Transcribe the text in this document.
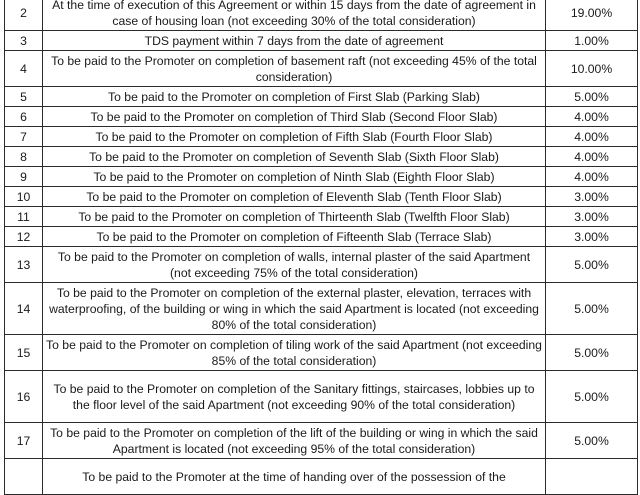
2	At the time of execution of this Agreement or within 15 days from the date of agreement in case of housing loan (not exceeding 30% of the total consideration)	19.00%
3	TDS payment within 7 days from the date of agreement	1.00%
4	To be paid to the Promoter on completion of basement raft (not exceeding 45% of the total consideration)	10.00%
5	To be paid to the Promoter on completion of First Slab (Parking Slab)	5.00%
6	To be paid to the Promoter on completion of Third Slab (Second Floor Slab)	4.00%
7	To be paid to the Promoter on completion of Fifth Slab (Fourth Floor Slab)	4.00%
8	To be paid to the Promoter on completion of Seventh Slab (Sixth Floor Slab)	4.00%
9	To be paid to the Promoter on completion of Ninth Slab (Eighth Floor Slab)	4.00%
10	To be paid to the Promoter on completion of Eleventh Slab (Tenth Floor Slab)	3.00%
11	To be paid to the Promoter on completion of Thirteenth Slab (Twelfth Floor Slab)	3.00%
12	To be paid to the Promoter on completion of Fifteenth Slab (Terrace Slab)	3.00%
13	To be paid to the Promoter on completion of walls, internal plaster of the said Apartment (not exceeding 75% of the total consideration)	5.00%
14	To be paid to the Promoter on completion of the external plaster, elevation, terraces with waterproofing, of the building or wing in which the said Apartment is located (not exceeding 80% of the total consideration)	5.00%
15	To be paid to the Promoter on completion of tiling work of the said Apartment (not exceeding 85% of the total consideration)	5.00%
16	To be paid to the Promoter on completion of the Sanitary fittings, staircases, lobbies up to the floor level of the said Apartment (not exceeding 90% of the total consideration)	5.00%
17	To be paid to the Promoter on completion of the lift of the building or wing in which the said Apartment is located (not exceeding 95% of the total consideration)	5.00%
	To be paid to the Promoter at the time of handing over of the possession of the	
